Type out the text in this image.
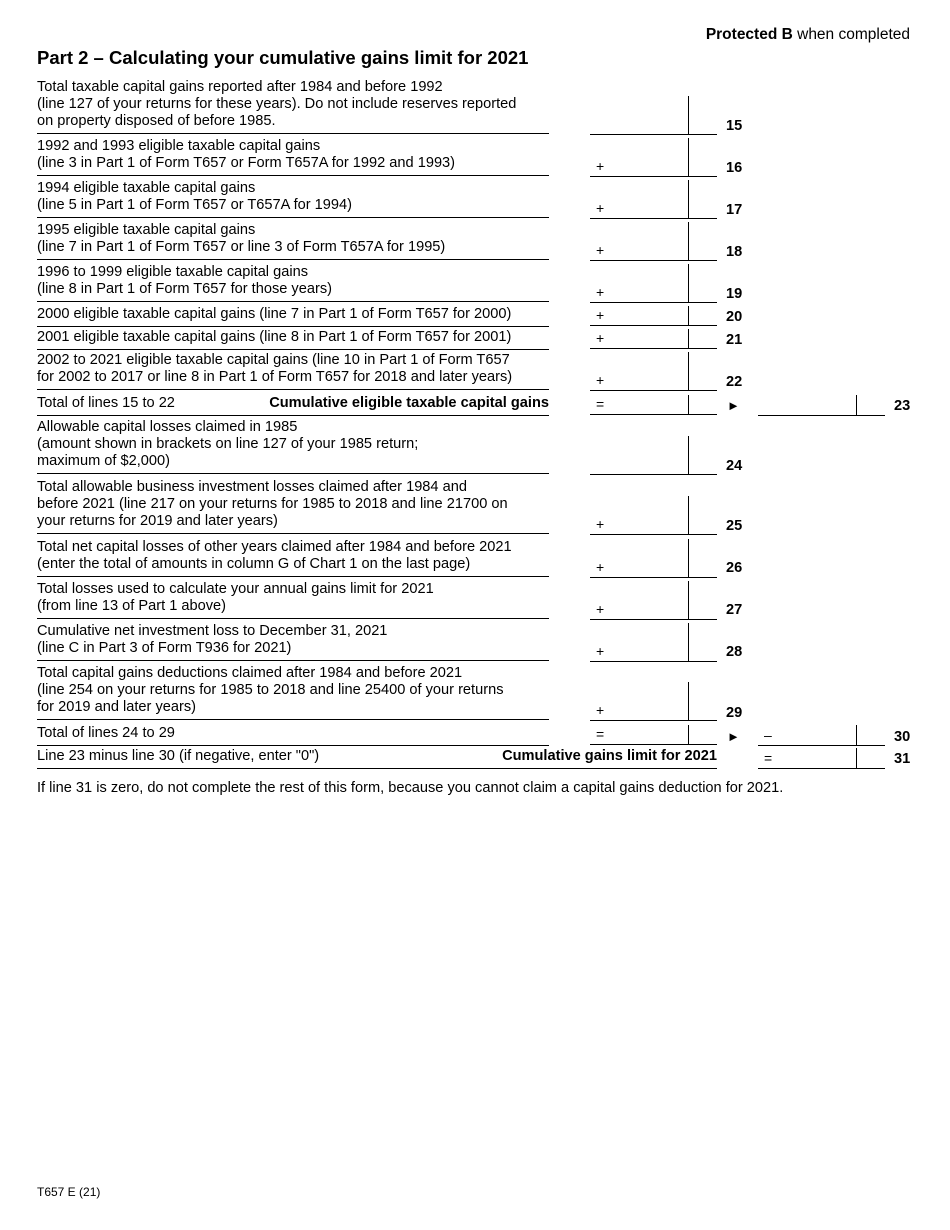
Protected B when completed
Part 2 – Calculating your cumulative gains limit for 2021
Total taxable capital gains reported after 1984 and before 1992
(line 127 of your returns for these years). Do not include reserves reported
on property disposed of before 1985.	15
1992 and 1993 eligible taxable capital gains
(line 3 in Part 1 of Form T657 or Form T657A for 1992 and 1993)	+	16
1994 eligible taxable capital gains
(line 5 in Part 1 of Form T657 or T657A for 1994)	+	17
1995 eligible taxable capital gains
(line 7 in Part 1 of Form T657 or line 3 of Form T657A for 1995)	+	18
1996 to 1999 eligible taxable capital gains
(line 8 in Part 1 of Form T657 for those years)	+	19
2000 eligible taxable capital gains (line 7 in Part 1 of Form T657 for 2000)	+	20
2001 eligible taxable capital gains (line 8 in Part 1 of Form T657 for 2001)	+	21
2002 to 2021 eligible taxable capital gains (line 10 in Part 1 of Form T657
for 2002 to 2017 or line 8 in Part 1 of Form T657 for 2018 and later years)	+	22
Total of lines 15 to 22	Cumulative eligible taxable capital gains	=	►	23
Allowable capital losses claimed in 1985
(amount shown in brackets on line 127 of your 1985 return;
maximum of $2,000)	24
Total allowable business investment losses claimed after 1984 and
before 2021 (line 217 on your returns for 1985 to 2018 and line 21700 on
your returns for 2019 and later years)	+	25
Total net capital losses of other years claimed after 1984 and before 2021
(enter the total of amounts in column G of Chart 1 on the last page)	+	26
Total losses used to calculate your annual gains limit for 2021
(from line 13 of Part 1 above)	+	27
Cumulative net investment loss to December 31, 2021
(line C in Part 3 of Form T936 for 2021)	+	28
Total capital gains deductions claimed after 1984 and before 2021
(line 254 on your returns for 1985 to 2018 and line 25400 of your returns
for 2019 and later years)	+	29
Total of lines 24 to 29	=	► –	30
Line 23 minus line 30 (if negative, enter "0")	Cumulative gains limit for 2021	=	31
If line 31 is zero, do not complete the rest of this form, because you cannot claim a capital gains deduction for 2021.
T657 E (21)
